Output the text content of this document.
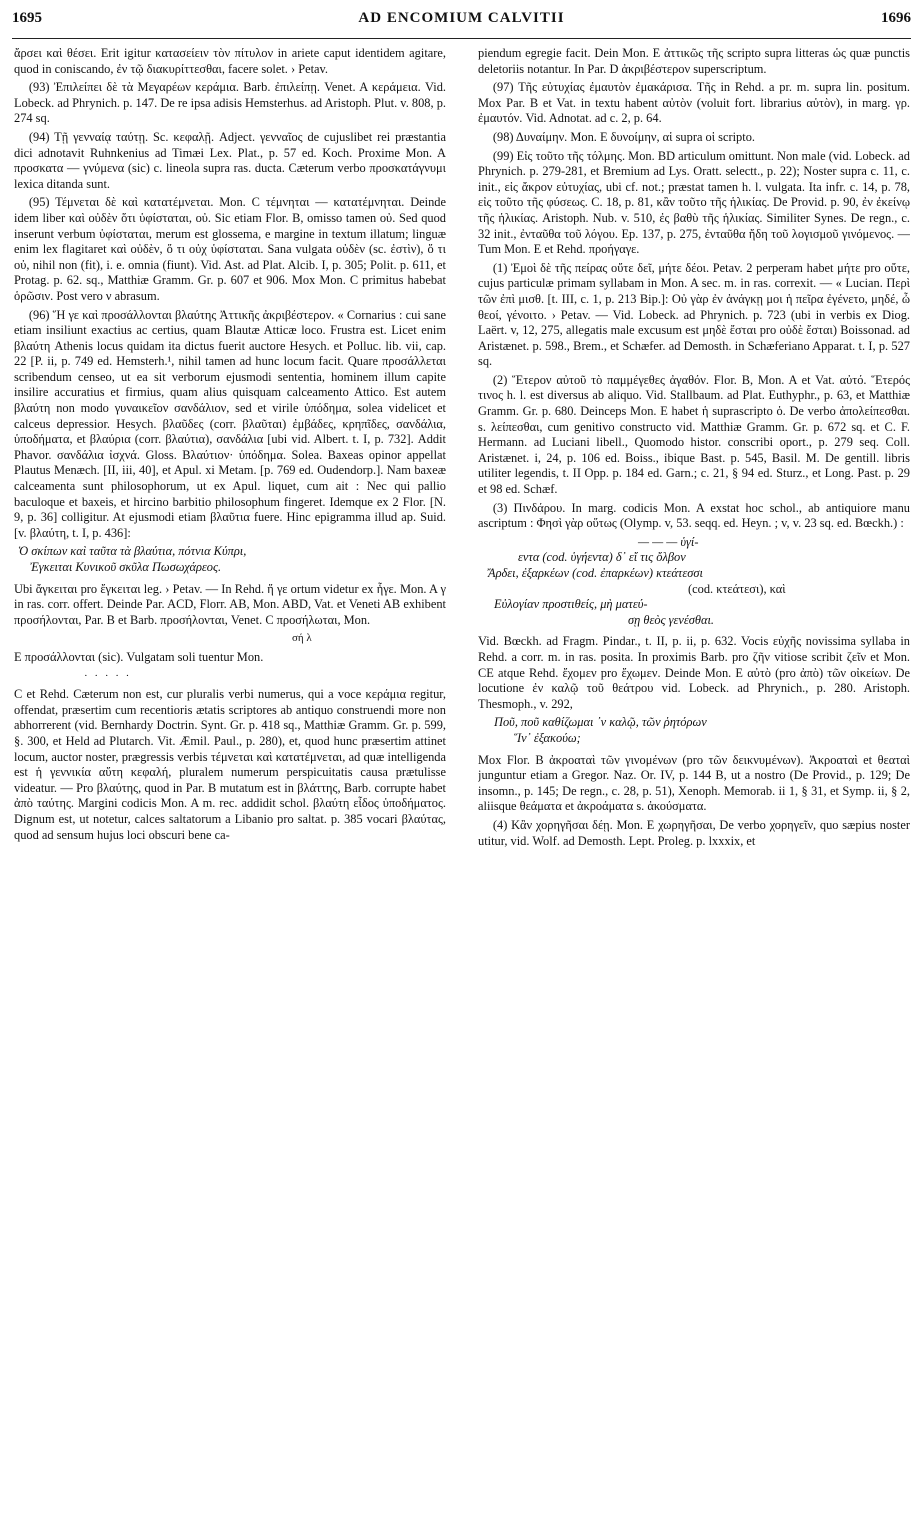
1695	AD ENCOMIUM CALVITII	1696

ἄρσει καὶ θέσει. Erit igitur κατασείειν τὸν πίτυλον in ariete caput identidem agitare, quod in coniscando, ἐν τῷ διακυρίττεσθαι, facere solet. › Petav.

(93) Ἐπιλείπει δὲ τὰ Μεγαρέων κεράμια. Barb. ἐπιλείπῃ. Venet. A κεράμεια. Vid. Lobeck. ad Phrynich. p. 147. De re ipsa adisis Hemsterhus. ad Aristoph. Plut. v. 808, p. 274 sq.

(94) Τῇ γενναίᾳ ταύτῃ. Sc. κεφαλῇ. Adject. γενναῖος de cujuslibet rei præstantia dici adnotavit Ruhnkenius ad Timæi Lex. Plat., p. 57 ed. Koch. Proxime Mon. A προσκατα — γνύμενα (sic) c. lineola supra ras. ducta. Cæterum verbo προσκατάγνυμι lexica ditanda sunt.

(95) Τέμνεται δὲ καὶ κατατέμνεται. Mon. C τέμνηται — κατατέμνηται. Deinde idem liber καὶ οὐδὲν ὅτι ὑφίσταται, οὐ. Sic etiam Flor. B, omisso tamen οὐ. Sed quod inserunt verbum ὑφίσταται, merum est glossema, e margine in textum illatum; linguæ enim lex flagitaret καὶ οὐδὲν, ὅ τι οὐχ ὑφίσταται. Sana vulgata οὐδὲν (sc. ἐστὶν), ὅ τι οὐ, nihil non (fit), i. e. omnia (fiunt). Vid. Ast. ad Plat. Alcib. I, p. 305; Polit. p. 611, et Protag. p. 62. sq., Matthiæ Gramm. Gr. p. 607 et 906. Mox Mon. C primitus habebat ὁρῶσιν. Post vero ν abrasum.

(96) Ἥ γε καὶ προσάλλονται βλαύτης Ἀττικῆς ἀκριβέστερον. « Cornarius : cui sane etiam insiliunt exactius ac certius, quam Blautæ Atticæ loco. Frustra est. Licet enim βλαύτη Athenis locus quidam ita dictus fuerit auctore Hesych. et Polluc. lib. vii, cap. 22 [P. ii, p. 749 ed. Hemsterh.¹, nihil tamen ad hunc locum facit. Quare προσάλλεται scribendum censeo, ut ea sit verborum ejusmodi sententia, hominem illum capite insilire accuratius et firmius, quam alius quisquam calceamento Attico. Est autem βλαύτη non modo γυναικεῖον σανδάλιον, sed et virile ὑπόδημα, solea videlicet et calceus depressior. Hesych. βλαῦδες (corr. βλαῦται) ἐμβάδες, κρηπῖδες, σανδάλια, ὑποδήματα, et βλαύρια (corr. βλαύτια), σανδάλια [ubi vid. Albert. t. I, p. 732]. Addit Phavor. σανδάλια ἰσχνά. Gloss. Βλαύτιον· ὑπόδημα. Solea. Baxeas opinor appellat Plautus Menæch. [II, iii, 40], et Apul. xi Metam. [p. 769 ed. Oudendorp.]. Nam baxeæ calceamenta sunt philosophorum, ut ex Apul. liquet, cum ait : Nec qui pallio baculoque et baxeis, et hircino barbitio philosophum fingeret. Idemque ex 2 Flor. [N. 9, p. 36] colligitur. At ejusmodi etiam βλαῦτια fuere. Hinc epigramma illud ap. Suid. [v. βλαύτη, t. I, p. 436]:

Ὁ σκίπων καὶ ταῦτα τὰ βλαύτια, πότνια Κύπρι,
Ἐγκειται Κυνικοῦ σκῦλα Πωσωχάρεος.

Ubi ἄγκειται pro ἔγκειται leg. › Petav. — In Rehd. ἥ γε ortum videtur ex ἧγε. Mon. A γ in ras. corr. offert. Deinde Par. ACD, Florr. AB, Mon. ABD, Vat. et Veneti AB exhibent προσήλονται, Par. B et Barb. προσήλονται, Venet. C προσήλωται, Mon.

σή λ

E προσάλλονται (sic). Vulgatam soli tuentur Mon.

· · · · ·

C et Rehd. Cæterum non est, cur pluralis verbi numerus, qui a voce κεράμια regitur, offendat, præsertim cum recentioris ætatis scriptores ab antiquo construendi more non abhorrerent (vid. Bernhardy Doctrin. Synt. Gr. p. 418 sq., Matthiæ Gramm. Gr. p. 599, §. 300, et Held ad Plutarch. Vit. Æmil. Paul., p. 280), et, quod hunc præsertim attinet locum, auctor noster, prægressis verbis τέμνεται καὶ κατατέμνεται, ad quæ intelligenda est ἡ γεννικία αὕτη κεφαλή, pluralem numerum perspicuitatis causa prætulisse videatur. — Pro βλαύτης, quod in Par. B mutatum est in βλάττης, Barb. corrupte habet ἀπὸ ταύτης. Margini codicis Mon. A m. rec. addidit schol. βλαύτη εἶδος ὑποδήματος. Dignum est, ut notetur, calces saltatorum a Libanio pro saltat. p. 385 vocari βλαύτας, quod ad sensum hujus loci obscuri bene ca-

piendum egregie facit. Dein Mon. E ἀττικῶς τῆς scripto supra litteras ὡς quæ punctis deletoriis notantur. In Par. D ἀκριβέστερον superscriptum.

(97) Τῆς εὐτυχίας ἐμαυτὸν ἐμακάρισα. Τῆς in Rehd. a pr. m. supra lin. positum. Mox Par. B et Vat. in textu habent αὐτὸν (voluit fort. librarius αὑτὸν), in marg. γρ. ἐμαυτόν. Vid. Adnotat. ad c. 2, p. 64.

(98) Δυναίμην. Mon. E δυνοίμην, αἱ supra οἱ scripto.

(99) Εἰς τοῦτο τῆς τόλμης. Mon. BD articulum omittunt. Non male (vid. Lobeck. ad Phrynich. p. 279-281, et Bremium ad Lys. Oratt. selectt., p. 22); Noster supra c. 11, c. init., εἰς ἄκρον εὐτυχίας, ubi cf. not.; præstat tamen h. l. vulgata. Ita infr. c. 14, p. 78, εἰς τοῦτο τῆς φύσεως. C. 18, p. 81, κἂν τοῦτο τῆς ἡλικίας. De Provid. p. 90, ἐν ἐκείνῳ τῆς ἡλικίας. Aristoph. Nub. v. 510, ἐς βαθὺ τῆς ἡλικίας. Similiter Synes. De regn., c. 32 init., ἐνταῦθα τοῦ λόγου. Ep. 137, p. 275, ἐνταῦθα ἤδη τοῦ λογισμοῦ γινόμενος. — Tum Mon. E et Rehd. προήγαγε.

(1) Ἐμοὶ δὲ τῆς πείρας οὔτε δεῖ, μήτε δέοι. Petav. 2 perperam habet μήτε pro οὔτε, cujus particulæ primam syllabam in Mon. A sec. m. in ras. correxit. — « Lucian. Περὶ τῶν ἐπὶ μισθ. [t. III, c. 1, p. 213 Bip.]: Οὐ γὰρ ἐν ἀνάγκῃ μοι ἡ πεῖρα ἐγένετο, μηδέ, ὦ θεοί, γένοιτο. › Petav. — Vid. Lobeck. ad Phrynich. p. 723 (ubi in verbis ex Diog. Laërt. v, 12, 275, allegatis male excusum est μηδὲ ἔσται pro οὐδὲ ἔσται) Boissonad. ad Aristænet. p. 598., Brem., et Schæfer. ad Demosth. in Schæferiano Apparat. t. I, p. 527 sq.

(2) Ἕτερον αὐτοῦ τὸ παμμέγεθες ἀγαθόν. Flor. B, Mon. A et Vat. αὐτό. Ἕτερός τινος h. l. est diversus ab aliquo. Vid. Stallbaum. ad Plat. Euthyphr., p. 63, et Matthiæ Gramm. Gr. p. 680. Deinceps Mon. E habet ἡ suprascripto ὁ. De verbo ἀπολείπεσθαι. s. λείπεσθαι, cum genitivo constructo vid. Matthiæ Gramm. Gr. p. 672 sq. et C. F. Hermann. ad Luciani libell., Quomodo histor. conscribi oport., p. 279 seq. Coll. Aristænet. i, 24, p. 106 ed. Boiss., ibique Bast. p. 545, Basil. M. De gentill. libris utiliter legendis, t. II Opp. p. 184 ed. Garn.; c. 21, § 94 ed. Sturz., et Long. Past. p. 29 et 98 ed. Schæf.

(3) Πινδάρου. In marg. codicis Mon. A exstat hoc schol., ab antiquiore manu ascriptum : Φησὶ γὰρ οὕτως (Olymp. v, 53. seqq. ed. Heyn. ; v, v. 23 sq. ed. Bœckh.) :

— — — ὑγί-
εντα (cod. ὑγήεντα) δ᾽ εἴ τις ὄλβον
Ἄρδει, ἐξαρκέων (cod. ἐπαρκέων) κτεάτεσσι
(cod. κτεάτεσι), καὶ
Εὐλογίαν προστιθείς, μὴ ματεύ-
σῃ θεὸς γενέσθαι.

Vid. Bœckh. ad Fragm. Pindar., t. II, p. ii, p. 632. Vocis εὐχῆς novissima syllaba in Rehd. a corr. m. in ras. posita. In proximis Barb. pro ζῆν vitiose scribit ζεῖν et Mon. CE atque Rehd. ἔχομεν pro ἔχωμεν. Deinde Mon. E αὐτὸ (pro ἀπὸ) τῶν οἰκείων. De locutione ἐν καλῷ τοῦ θεάτρου vid. Lobeck. ad Phrynich., p. 280. Aristoph. Thesmoph., v. 292,

Ποῦ, ποῦ καθίζωμαι ᾽ν καλῷ, τῶν ῥητόρων
Ἵν᾽ ἐξακούω;

Mox Flor. B ἀκροαταὶ τῶν γινομένων (pro τῶν δεικνυμένων). Ἀκροαταὶ et θεαταὶ junguntur etiam a Gregor. Naz. Or. IV, p. 144 B, ut a nostro (De Provid., p. 129; De insomn., p. 145; De regn., c. 28, p. 51), Xenoph. Memorab. ii 1, § 31, et Symp. ii, § 2, aliisque θεάματα et ἀκροάματα s. ἀκούσματα.

(4) Κἂν χορηγῆσαι δέῃ. Mon. E χωρηγῆσαι, De verbo χορηγεῖν, quo sæpius noster utitur, vid. Wolf. ad Demosth. Lept. Proleg. p. lxxxix, et
